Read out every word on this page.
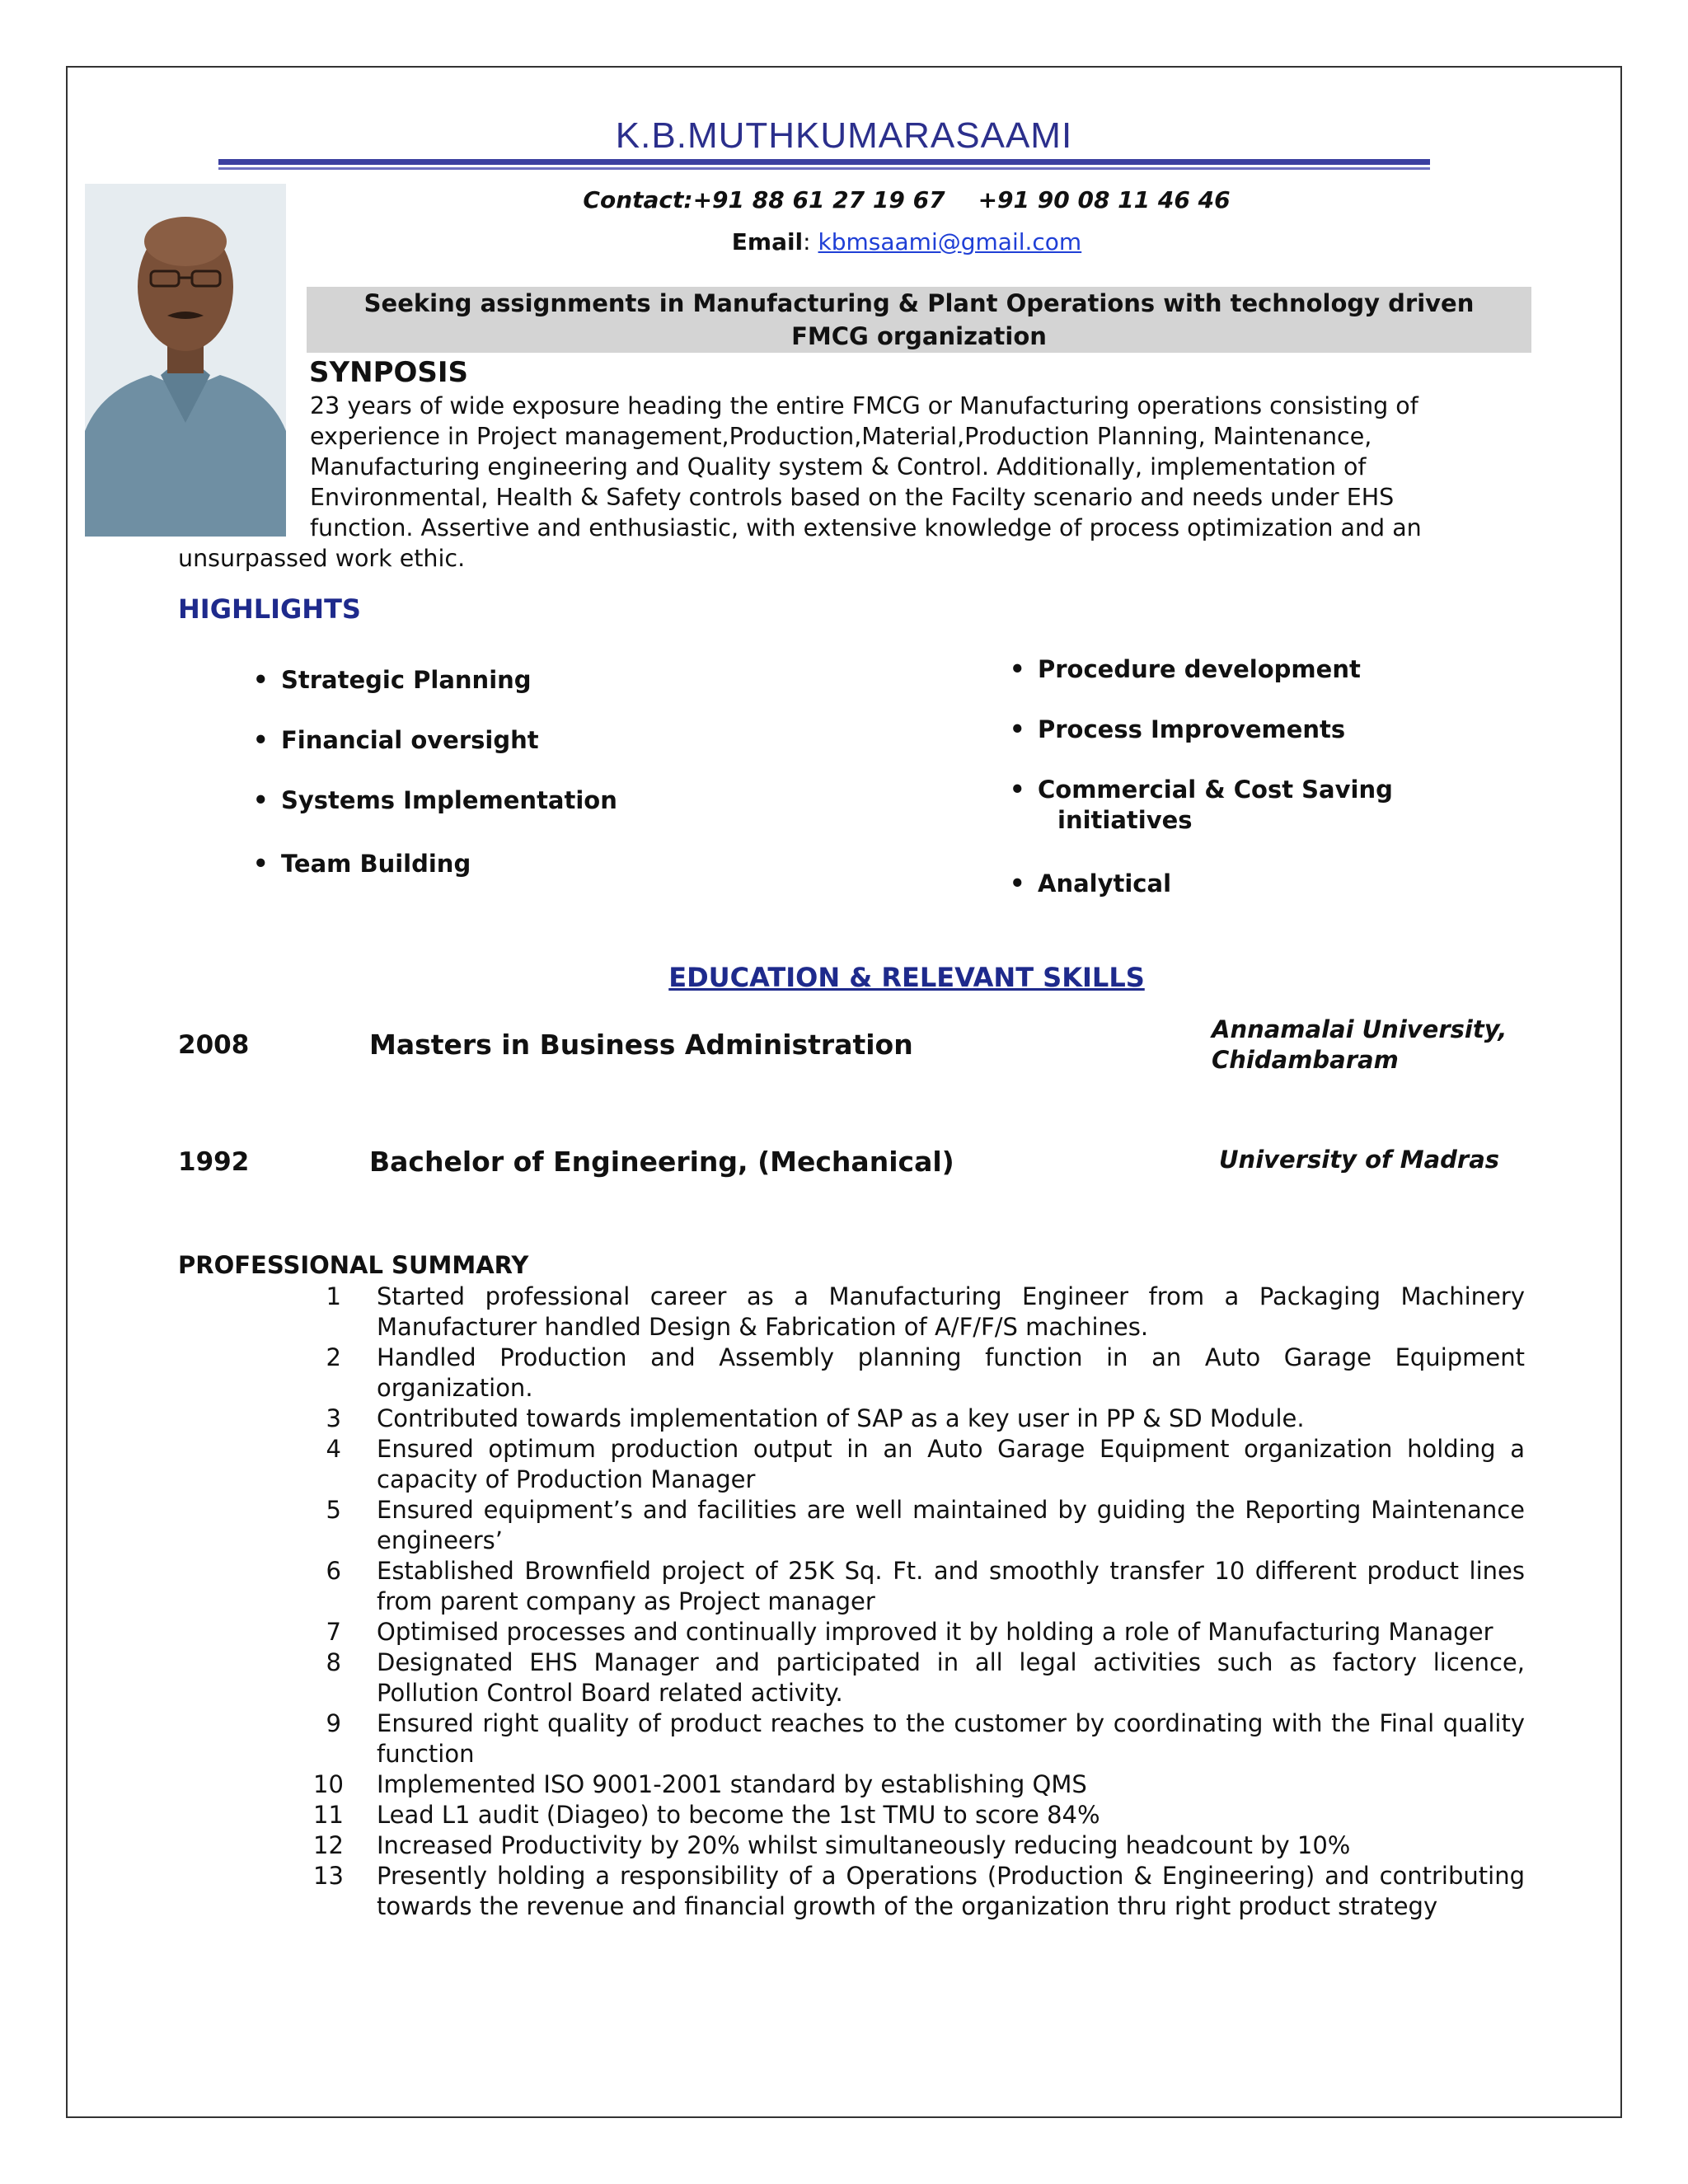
K.B.MUTHKUMARASAAMI
Contact:+91 88 61 27 19 67 +91 90 08 11 46 46
Email: kbmsaami@gmail.com
Seeking assignments in Manufacturing & Plant Operations with technology driven
FMCG organization
SYNPOSIS
23 years of wide exposure heading the entire FMCG or Manufacturing operations consisting of
experience in Project management,Production,Material,Production Planning, Maintenance,
Manufacturing engineering and Quality system & Control. Additionally, implementation of
Environmental, Health & Safety controls based on the Facilty scenario and needs under EHS
function. Assertive and enthusiastic, with extensive knowledge of process optimization and an
unsurpassed work ethic.
HIGHLIGHTS
• Strategic Planning
• Financial oversight
• Systems Implementation
• Team Building
• Procedure development
• Process Improvements
• Commercial & Cost Saving
initiatives
• Analytical
EDUCATION & RELEVANT SKILLS
2008	Masters in Business Administration	Annamalai University,
Chidambaram
1992	Bachelor of Engineering, (Mechanical)	University of Madras
PROFESSIONAL SUMMARY
1 Started professional career as a Manufacturing Engineer from a Packaging Machinery Manufacturer handled Design & Fabrication of A/F/F/S machines.
2 Handled Production and Assembly planning function in an Auto Garage Equipment organization.
3 Contributed towards implementation of SAP as a key user in PP & SD Module.
4 Ensured optimum production output in an Auto Garage Equipment organization holding a capacity of Production Manager
5 Ensured equipment’s and facilities are well maintained by guiding the Reporting Maintenance engineers’
6 Established Brownfield project of 25K Sq. Ft. and smoothly transfer 10 different product lines from parent company as Project manager
7 Optimised processes and continually improved it by holding a role of Manufacturing Manager
8 Designated EHS Manager and participated in all legal activities such as factory licence, Pollution Control Board related activity.
9 Ensured right quality of product reaches to the customer by coordinating with the Final quality function
10 Implemented ISO 9001-2001 standard by establishing QMS
11 Lead L1 audit (Diageo) to become the 1st TMU to score 84%
12 Increased Productivity by 20% whilst simultaneously reducing headcount by 10%
13 Presently holding a responsibility of a Operations (Production & Engineering) and contributing towards the revenue and financial growth of the organization thru right product strategy
